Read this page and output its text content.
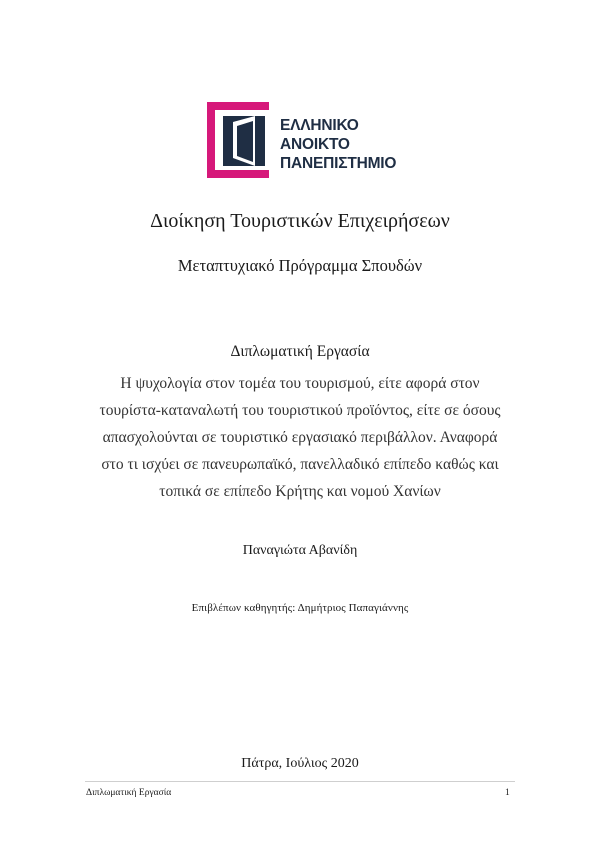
ΕΛΛΗΝΙΚΟ
ΑΝΟΙΚΤΟ
ΠΑΝΕΠΙΣΤΗΜΙΟ
Διοίκηση Τουριστικών Επιχειρήσεων
Μεταπτυχιακό Πρόγραμμα Σπουδών
Διπλωματική Εργασία
Η ψυχολογία στον τομέα του τουρισμού, είτε αφορά στον
τουρίστα-καταναλωτή του τουριστικού προϊόντος, είτε σε όσους
απασχολούνται σε τουριστικό εργασιακό περιβάλλον. Αναφορά
στο τι ισχύει σε πανευρωπαϊκό, πανελλαδικό επίπεδο καθώς και
τοπικά σε επίπεδο Κρήτης και νομού Χανίων
Παναγιώτα Αβανίδη
Επιβλέπων καθηγητής: Δημήτριος Παπαγιάννης
Πάτρα, Ιούλιος 2020
Διπλωματική Εργασία	1
